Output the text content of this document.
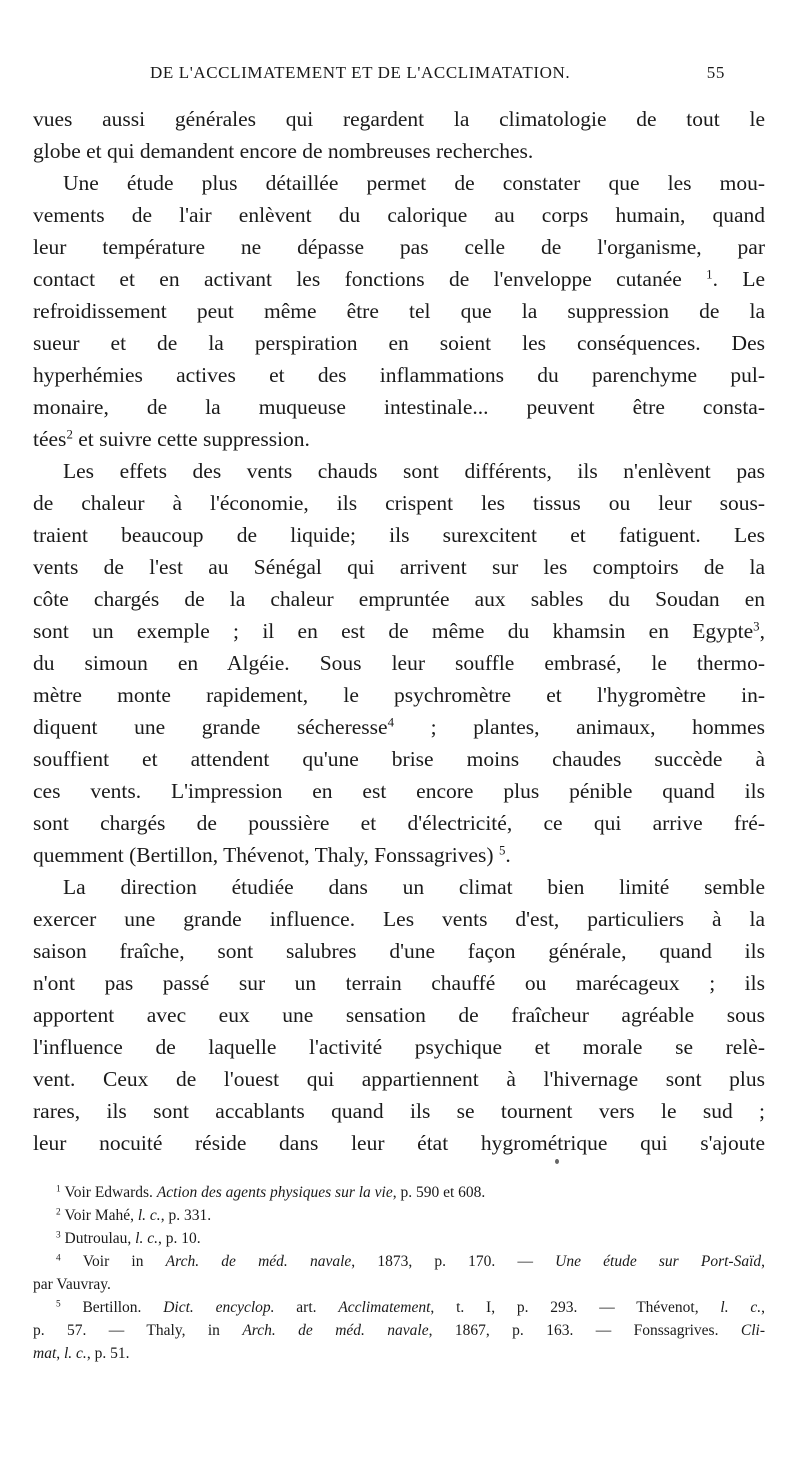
DE L'ACCLIMATEMENT ET DE L'ACCLIMATATION.	55
vues aussi générales qui regardent la climatologie de tout le
globe et qui demandent encore de nombreuses recherches.
Une étude plus détaillée permet de constater que les mou-
vements de l'air enlèvent du calorique au corps humain, quand
leur température ne dépasse pas celle de l'organisme, par
contact et en activant les fonctions de l'enveloppe cutanée $^1$. Le
refroidissement peut même être tel que la suppression de la
sueur et de la perspiration en soient les conséquences. Des
hyperhémies actives et des inflammations du parenchyme pul-
monaire, de la muqueuse intestinale... peuvent être consta-
tées$^2$ et suivre cette suppression.
Les effets des vents chauds sont différents, ils n'enlèvent pas
de chaleur à l'économie, ils crispent les tissus ou leur sous-
traient beaucoup de liquide; ils surexcitent et fatiguent. Les
vents de l'est au Sénégal qui arrivent sur les comptoirs de la
côte chargés de la chaleur empruntée aux sables du Soudan en
sont un exemple ; il en est de même du khamsin en Egypte$^3$,
du simoun en Algéie. Sous leur souffle embrasé, le thermo-
mètre monte rapidement, le psychromètre et l'hygromètre in-
diquent une grande sécheresse$^4$ ; plantes, animaux, hommes
souffient et attendent qu'une brise moins chaudes succède à
ces vents. L'impression en est encore plus pénible quand ils
sont chargés de poussière et d'électricité, ce qui arrive fré-
quemment (Bertillon, Thévenot, Thaly, Fonssagrives) $^5$.
La direction étudiée dans un climat bien limité semble
exercer une grande influence. Les vents d'est, particuliers à la
saison fraîche, sont salubres d'une façon générale, quand ils
n'ont pas passé sur un terrain chauffé ou marécageux ; ils
apportent avec eux une sensation de fraîcheur agréable sous
l'influence de laquelle l'activité psychique et morale se relè-
vent. Ceux de l'ouest qui appartiennent à l'hivernage sont plus
rares, ils sont accablants quand ils se tournent vers le sud ;
leur nocuité réside dans leur état hygrométrique qui s'ajoute
$^1$ Voir Edwards. Action des agents physiques sur la vie, p. 590 et 608.
$^2$ Voir Mahé, l. c., p. 331.
$^3$ Dutroulau, l. c., p. 10.
$^4$ Voir in Arch. de méd. navale, 1873, p. 170. — Une étude sur Port-Saïd,
par Vauvray.
$^5$ Bertillon. Dict. encyclop. art. Acclimatement, t. I, p. 293. — Thévenot, l. c.,
p. 57. — Thaly, in Arch. de méd. navale, 1867, p. 163. — Fonssagrives. Cli-
mat, l. c., p. 51.
